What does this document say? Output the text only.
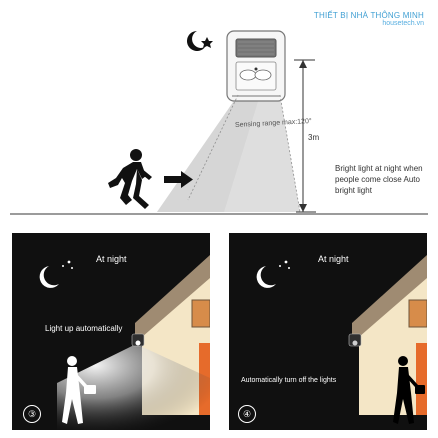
THIẾT BỊ NHÀ THÔNG MINH
housetech.vn
Sensing range max:120°
3m
Bright light at night when people come close Auto bright light
At night
Light up automatically
③
At night
Automatically turn off the lights
④
